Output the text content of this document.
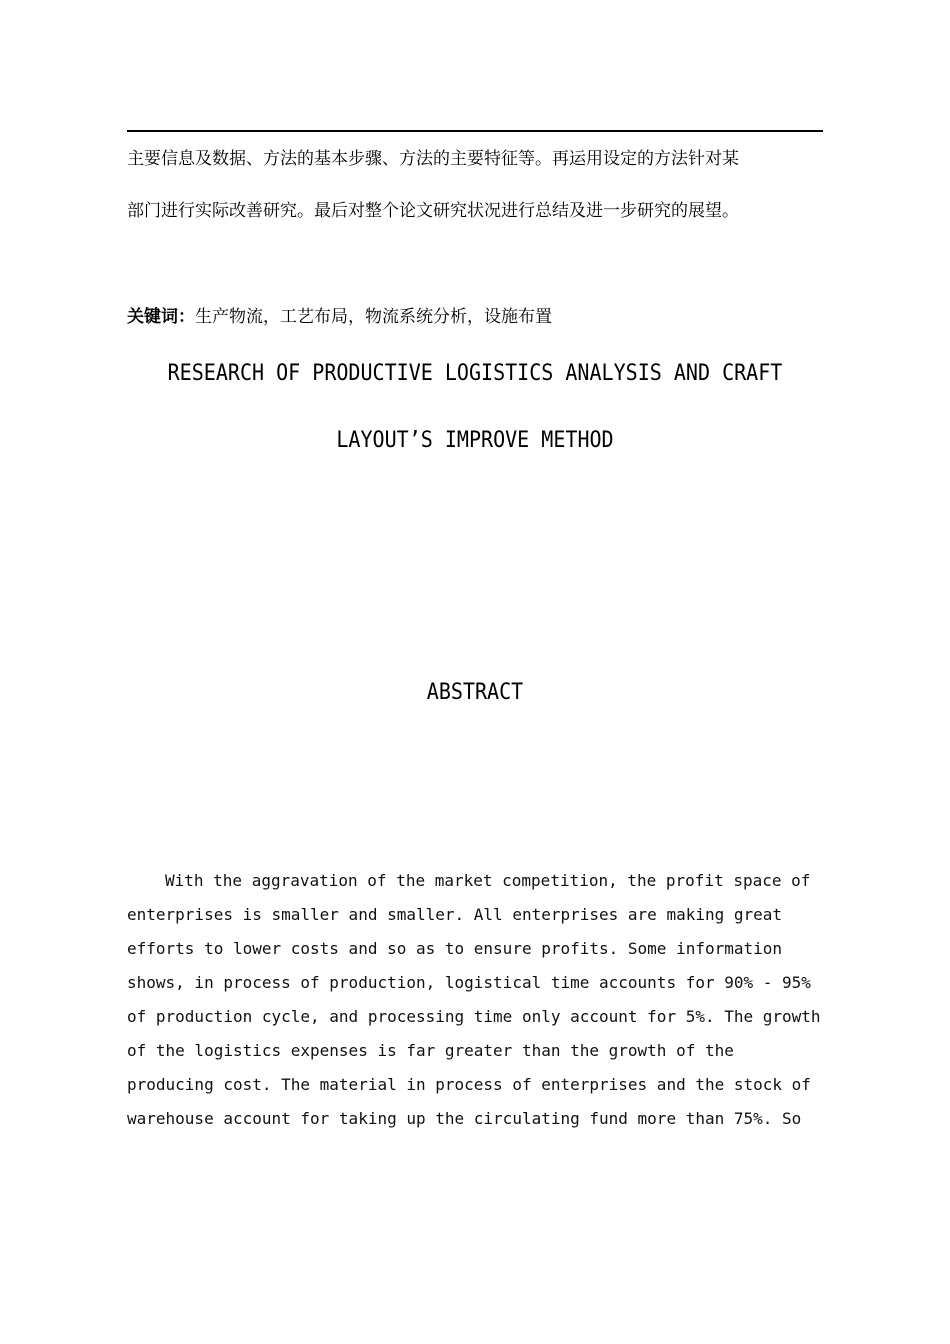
主要信息及数据、方法的基本步骤、方法的主要特征等。再运用设定的方法针对某
部门进行实际改善研究。最后对整个论文研究状况进行总结及进一步研究的展望。
关键词：生产物流，工艺布局，物流系统分析，设施布置
RESEARCH OF PRODUCTIVE LOGISTICS ANALYSIS AND CRAFT
LAYOUT’S IMPROVE METHOD
ABSTRACT
With the aggravation of the market competition, the profit space of
enterprises is smaller and smaller. All enterprises are making great
efforts to lower costs and so as to ensure profits. Some information
shows, in process of production, logistical time accounts for 90% - 95%
of production cycle, and processing time only account for 5%. The growth
of the logistics expenses is far greater than the growth of the
producing cost. The material in process of enterprises and the stock of
warehouse account for taking up the circulating fund more than 75%. So
